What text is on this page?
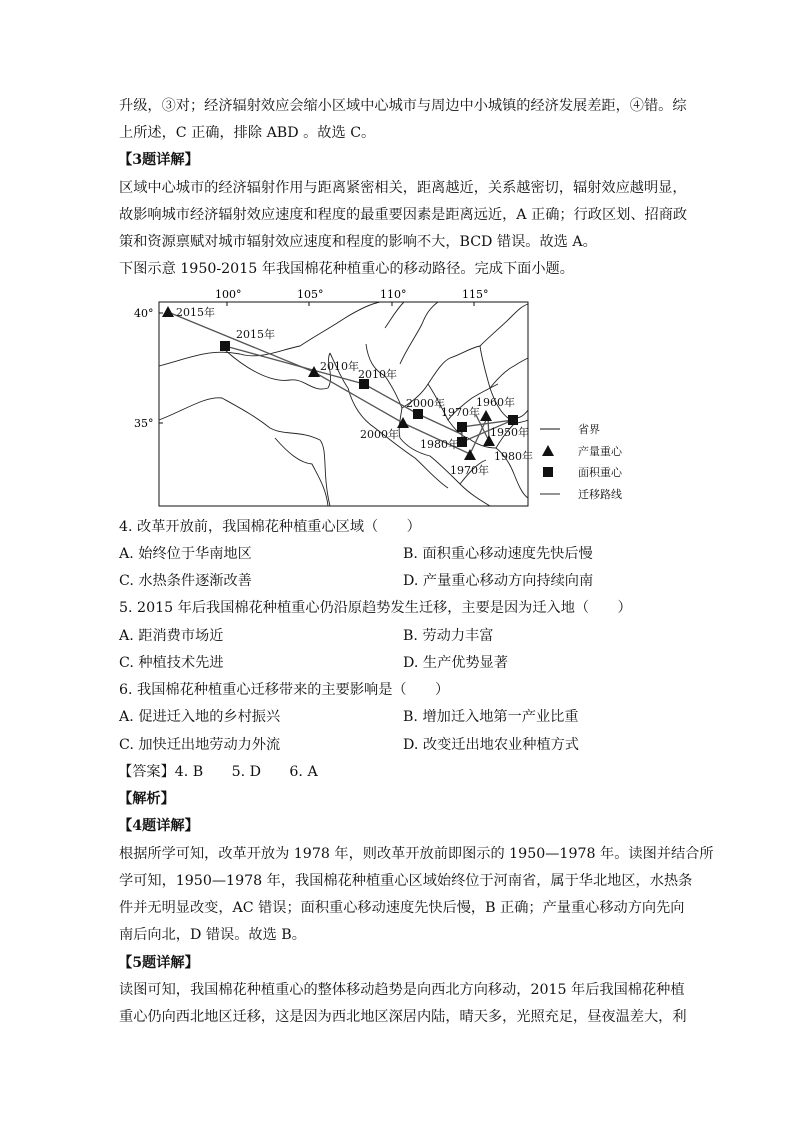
升级，③对；经济辐射效应会缩小区域中心城市与周边中小城镇的经济发展差距，④错。综
上所述，C 正确，排除 ABD 。故选 C。
【3题详解】
区域中心城市的经济辐射作用与距离紧密相关，距离越近，关系越密切，辐射效应越明显，
故影响城市经济辐射效应速度和程度的最重要因素是距离远近，A 正确；行政区划、招商政
策和资源禀赋对城市辐射效应速度和程度的影响不大，BCD 错误。故选 A。
下图示意 1950-2015 年我国棉花种植重心的移动路径。完成下面小题。
100°	105°	110°	115°
40°
35°
2015年
2015年
2010年
2010年
2000年
2000年
1970年
1960年
1950年
1980年
1980年
1970年
省界
产量重心
面积重心
迁移路线
4. 改革开放前，我国棉花种植重心区域（　　）
A. 始终位于华南地区	B. 面积重心移动速度先快后慢
C. 水热条件逐渐改善	D. 产量重心移动方向持续向南
5. 2015 年后我国棉花种植重心仍沿原趋势发生迁移，主要是因为迁入地（　　）
A. 距消费市场近	B. 劳动力丰富
C. 种植技术先进	D. 生产优势显著
6. 我国棉花种植重心迁移带来的主要影响是（　　）
A. 促进迁入地的乡村振兴	B. 增加迁入地第一产业比重
C. 加快迁出地劳动力外流	D. 改变迁出地农业种植方式
【答案】4. B　　5. D　　6. A
【解析】
【4题详解】
根据所学可知，改革开放为 1978 年，则改革开放前即图示的 1950—1978 年。读图并结合所
学可知，1950—1978 年，我国棉花种植重心区域始终位于河南省，属于华北地区，水热条
件并无明显改变，AC 错误；面积重心移动速度先快后慢，B 正确；产量重心移动方向先向
南后向北，D 错误。故选 B。
【5题详解】
读图可知，我国棉花种植重心的整体移动趋势是向西北方向移动，2015 年后我国棉花种植
重心仍向西北地区迁移，这是因为西北地区深居内陆，晴天多，光照充足，昼夜温差大，利
